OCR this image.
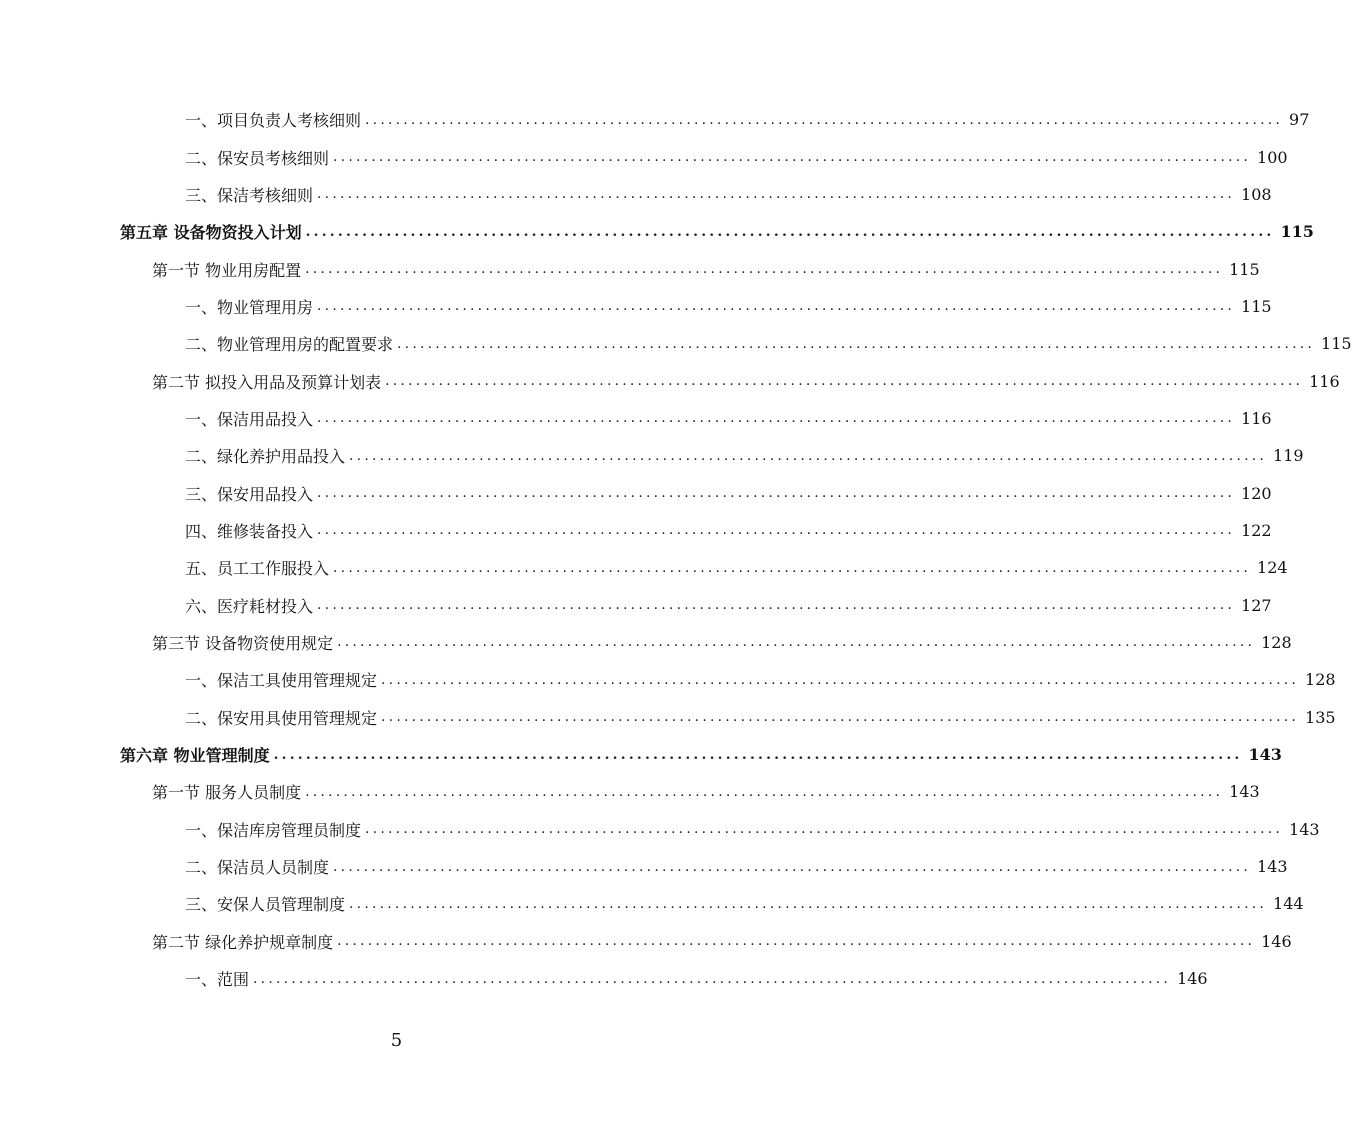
一、项目负责人考核细则 ........................................................................................................................ 97
二、保安员考核细则 ........................................................................................................................ 100
三、保洁考核细则 ........................................................................................................................ 108
第五章 设备物资投入计划 ........................................................................................................................ 115
第一节 物业用房配置 ........................................................................................................................ 115
一、物业管理用房 ........................................................................................................................ 115
二、物业管理用房的配置要求 ........................................................................................................................ 115
第二节 拟投入用品及预算计划表 ........................................................................................................................ 116
一、保洁用品投入 ........................................................................................................................ 116
二、绿化养护用品投入 ........................................................................................................................ 119
三、保安用品投入 ........................................................................................................................ 120
四、维修装备投入 ........................................................................................................................ 122
五、员工工作服投入 ........................................................................................................................ 124
六、医疗耗材投入 ........................................................................................................................ 127
第三节 设备物资使用规定 ........................................................................................................................ 128
一、保洁工具使用管理规定 ........................................................................................................................ 128
二、保安用具使用管理规定 ........................................................................................................................ 135
第六章 物业管理制度 ........................................................................................................................ 143
第一节 服务人员制度 ........................................................................................................................ 143
一、保洁库房管理员制度 ........................................................................................................................ 143
二、保洁员人员制度 ........................................................................................................................ 143
三、安保人员管理制度 ........................................................................................................................ 144
第二节 绿化养护规章制度 ........................................................................................................................ 146
一、范围 ........................................................................................................................ 146
5
